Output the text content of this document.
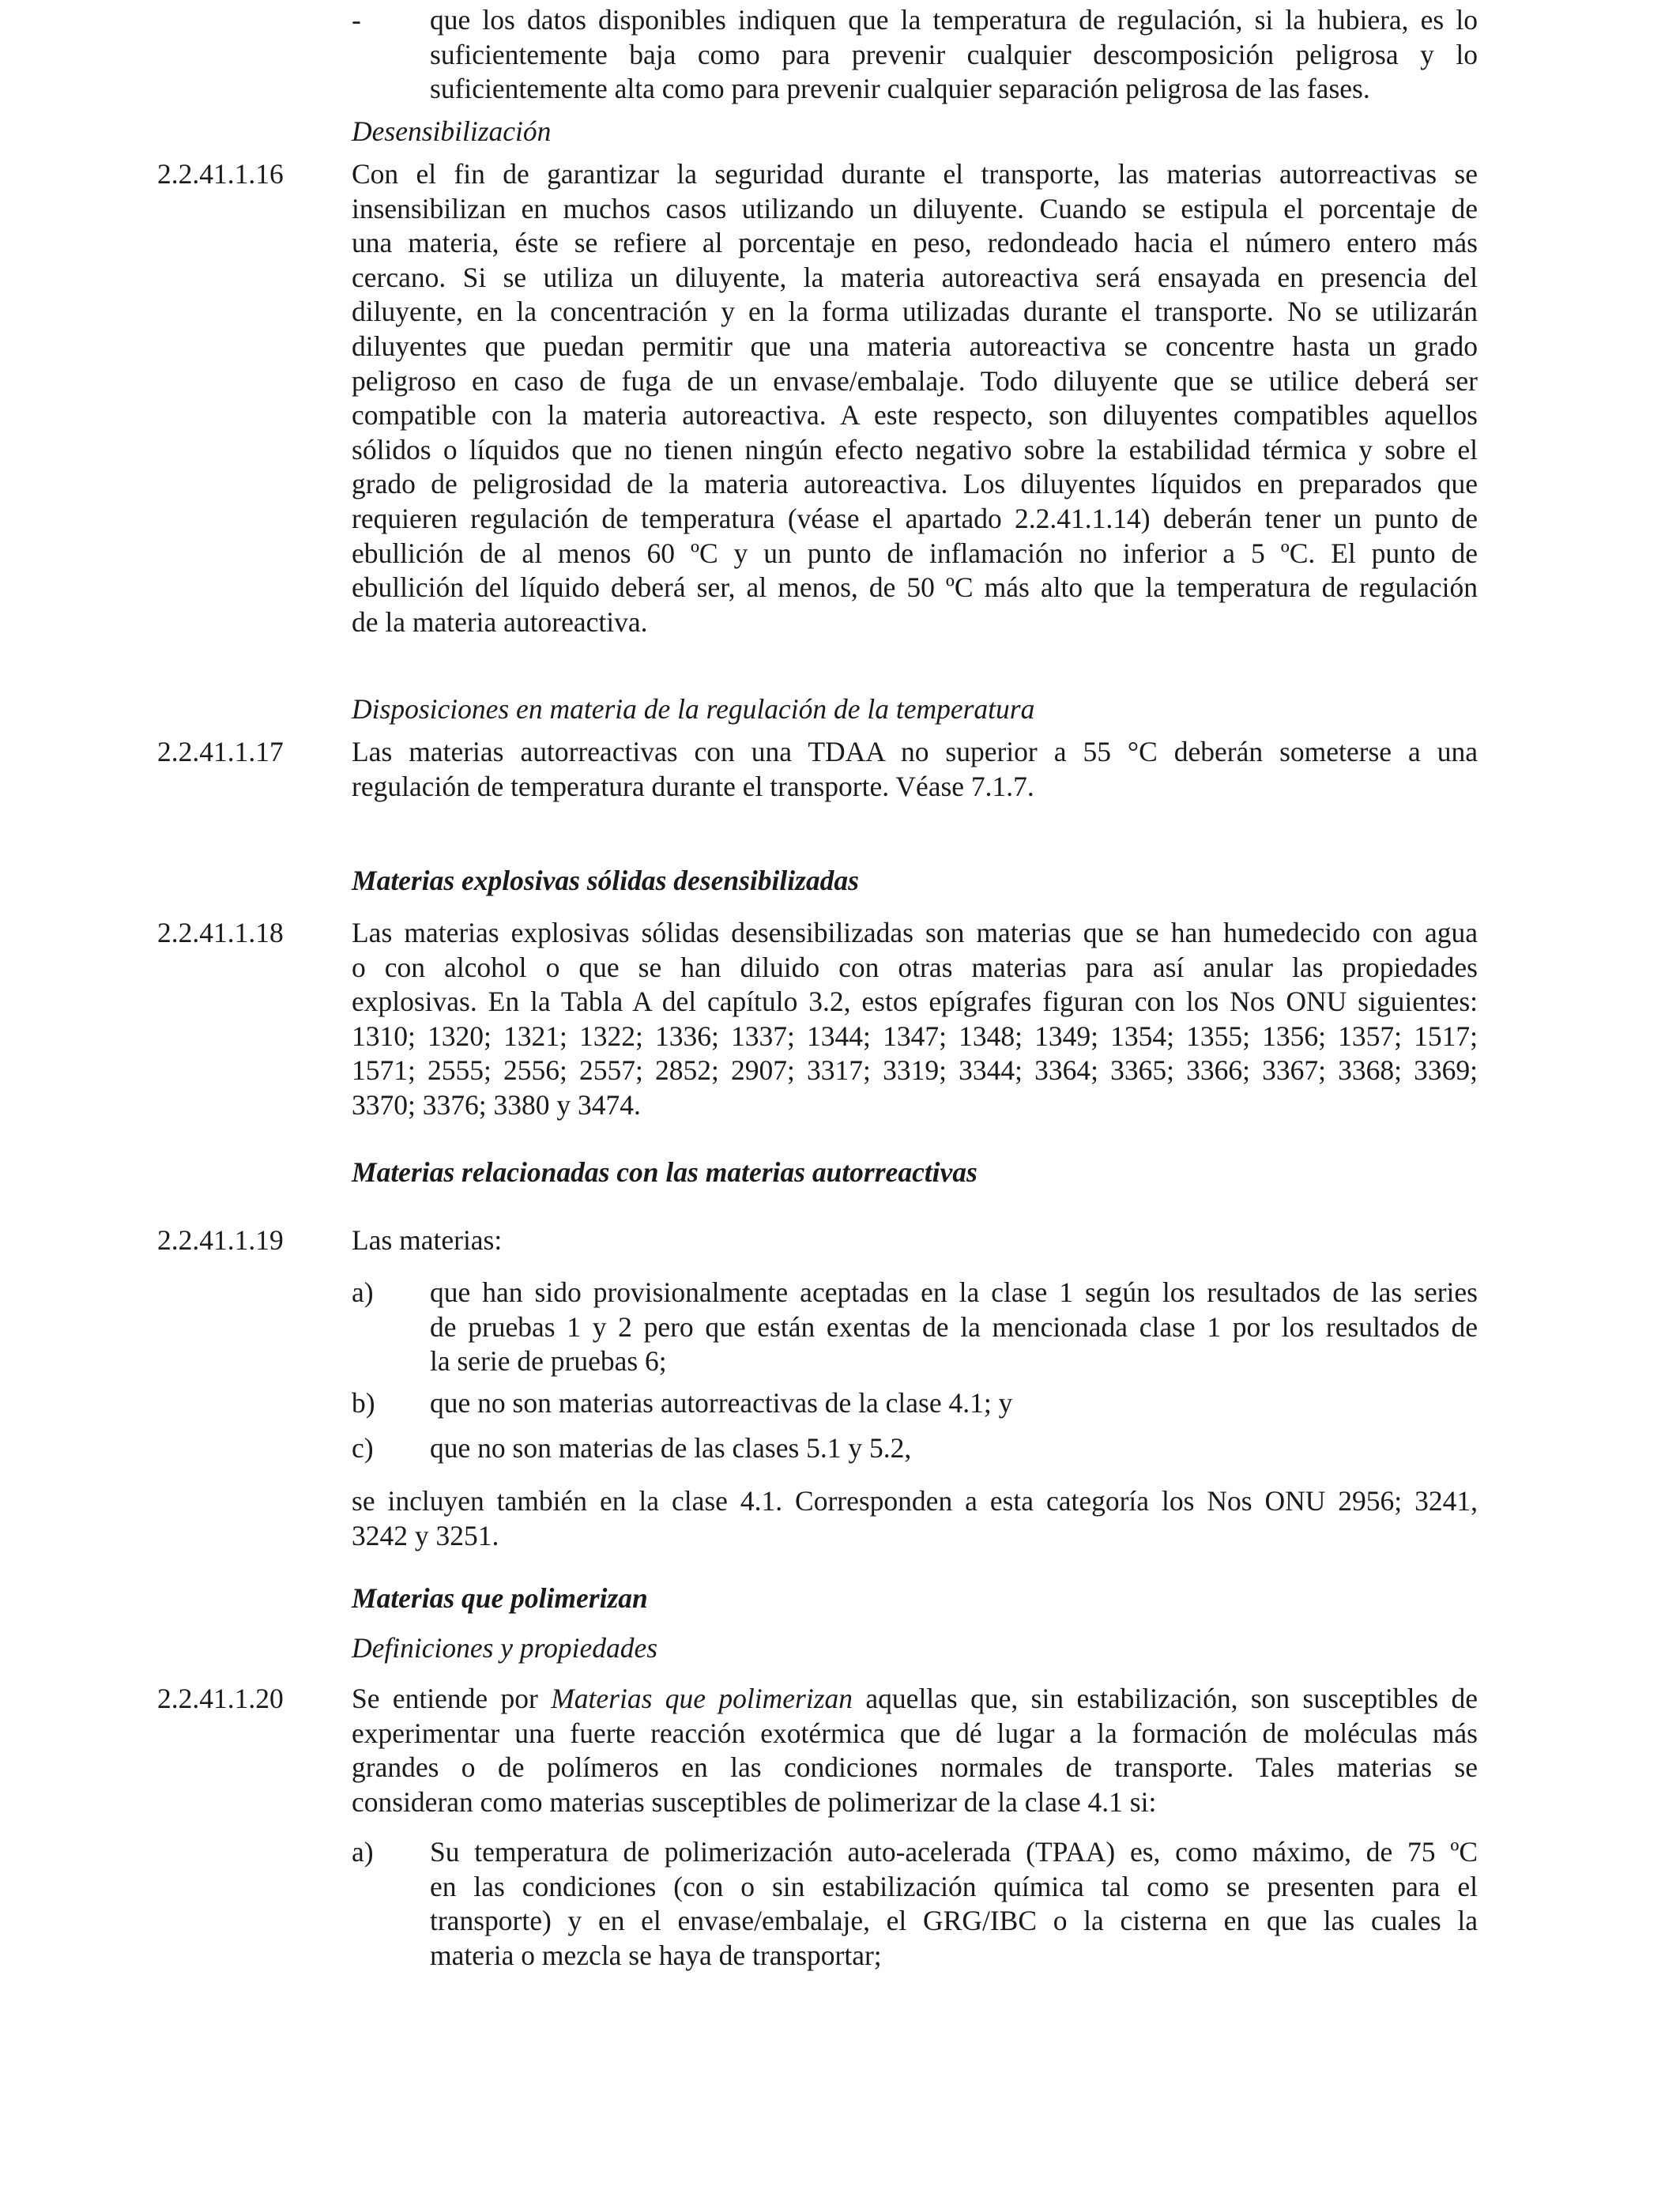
- que los datos disponibles indiquen que la temperatura de regulación, si la hubiera, es lo
suficientemente baja como para prevenir cualquier descomposición peligrosa y lo
suficientemente alta como para prevenir cualquier separación peligrosa de las fases.
Desensibilización
2.2.41.1.16 Con el fin de garantizar la seguridad durante el transporte, las materias autorreactivas se
insensibilizan en muchos casos utilizando un diluyente. Cuando se estipula el porcentaje de
una materia, éste se refiere al porcentaje en peso, redondeado hacia el número entero más
cercano. Si se utiliza un diluyente, la materia autoreactiva será ensayada en presencia del
diluyente, en la concentración y en la forma utilizadas durante el transporte. No se utilizarán
diluyentes que puedan permitir que una materia autoreactiva se concentre hasta un grado
peligroso en caso de fuga de un envase/embalaje. Todo diluyente que se utilice deberá ser
compatible con la materia autoreactiva. A este respecto, son diluyentes compatibles aquellos
sólidos o líquidos que no tienen ningún efecto negativo sobre la estabilidad térmica y sobre el
grado de peligrosidad de la materia autoreactiva. Los diluyentes líquidos en preparados que
requieren regulación de temperatura (véase el apartado 2.2.41.1.14) deberán tener un punto de
ebullición de al menos 60 ºC y un punto de inflamación no inferior a 5 ºC. El punto de
ebullición del líquido deberá ser, al menos, de 50 ºC más alto que la temperatura de regulación
de la materia autoreactiva.
Disposiciones en materia de la regulación de la temperatura
2.2.41.1.17 Las materias autorreactivas con una TDAA no superior a 55 °C deberán someterse a una
regulación de temperatura durante el transporte. Véase 7.1.7.
Materias explosivas sólidas desensibilizadas
2.2.41.1.18 Las materias explosivas sólidas desensibilizadas son materias que se han humedecido con agua
o con alcohol o que se han diluido con otras materias para así anular las propiedades
explosivas. En la Tabla A del capítulo 3.2, estos epígrafes figuran con los Nos ONU siguientes:
1310; 1320; 1321; 1322; 1336; 1337; 1344; 1347; 1348; 1349; 1354; 1355; 1356; 1357; 1517;
1571; 2555; 2556; 2557; 2852; 2907; 3317; 3319; 3344; 3364; 3365; 3366; 3367; 3368; 3369;
3370; 3376; 3380 y 3474.
Materias relacionadas con las materias autorreactivas
2.2.41.1.19 Las materias:
a) que han sido provisionalmente aceptadas en la clase 1 según los resultados de las series
de pruebas 1 y 2 pero que están exentas de la mencionada clase 1 por los resultados de
la serie de pruebas 6;
b) que no son materias autorreactivas de la clase 4.1; y
c) que no son materias de las clases 5.1 y 5.2,
se incluyen también en la clase 4.1. Corresponden a esta categoría los Nos ONU 2956; 3241,
3242 y 3251.
Materias que polimerizan
Definiciones y propiedades
2.2.41.1.20 Se entiende por Materias que polimerizan aquellas que, sin estabilización, son susceptibles de
experimentar una fuerte reacción exotérmica que dé lugar a la formación de moléculas más
grandes o de polímeros en las condiciones normales de transporte. Tales materias se
consideran como materias susceptibles de polimerizar de la clase 4.1 si:
a) Su temperatura de polimerización auto-acelerada (TPAA) es, como máximo, de 75 ºC
en las condiciones (con o sin estabilización química tal como se presenten para el
transporte) y en el envase/embalaje, el GRG/IBC o la cisterna en que las cuales la
materia o mezcla se haya de transportar;
